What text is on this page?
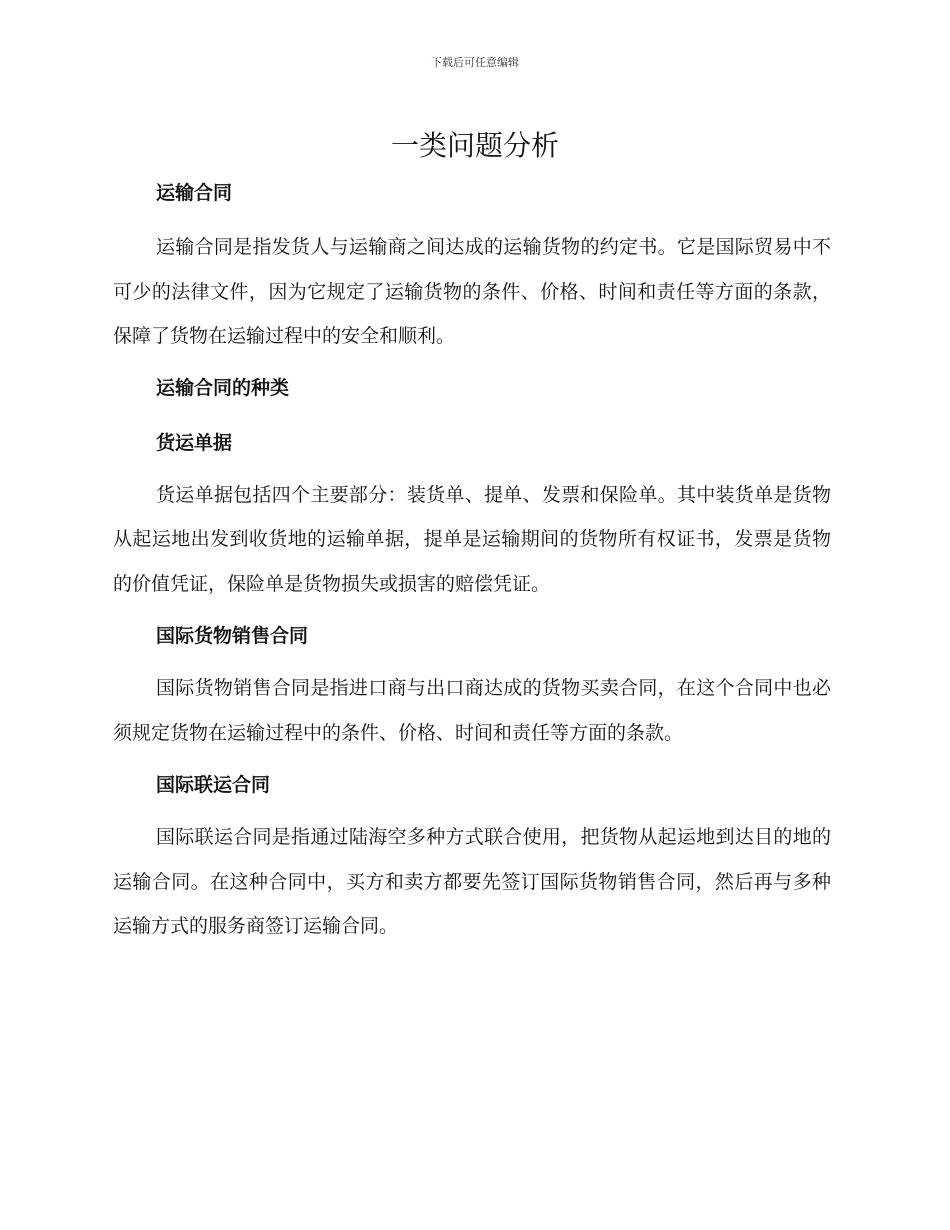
下载后可任意编辑
一类问题分析
运输合同

运输合同是指发货人与运输商之间达成的运输货物的约定书。它是国际贸易中不可少的法律文件，因为它规定了运输货物的条件、价格、时间和责任等方面的条款，保障了货物在运输过程中的安全和顺利。

运输合同的种类
货运单据

货运单据包括四个主要部分：装货单、提单、发票和保险单。其中装货单是货物从起运地出发到收货地的运输单据，提单是运输期间的货物所有权证书，发票是货物的价值凭证，保险单是货物损失或损害的赔偿凭证。

国际货物销售合同

国际货物销售合同是指进口商与出口商达成的货物买卖合同，在这个合同中也必须规定货物在运输过程中的条件、价格、时间和责任等方面的条款。

国际联运合同

国际联运合同是指通过陆海空多种方式联合使用，把货物从起运地到达目的地的运输合同。在这种合同中，买方和卖方都要先签订国际货物销售合同，然后再与多种运输方式的服务商签订运输合同。
